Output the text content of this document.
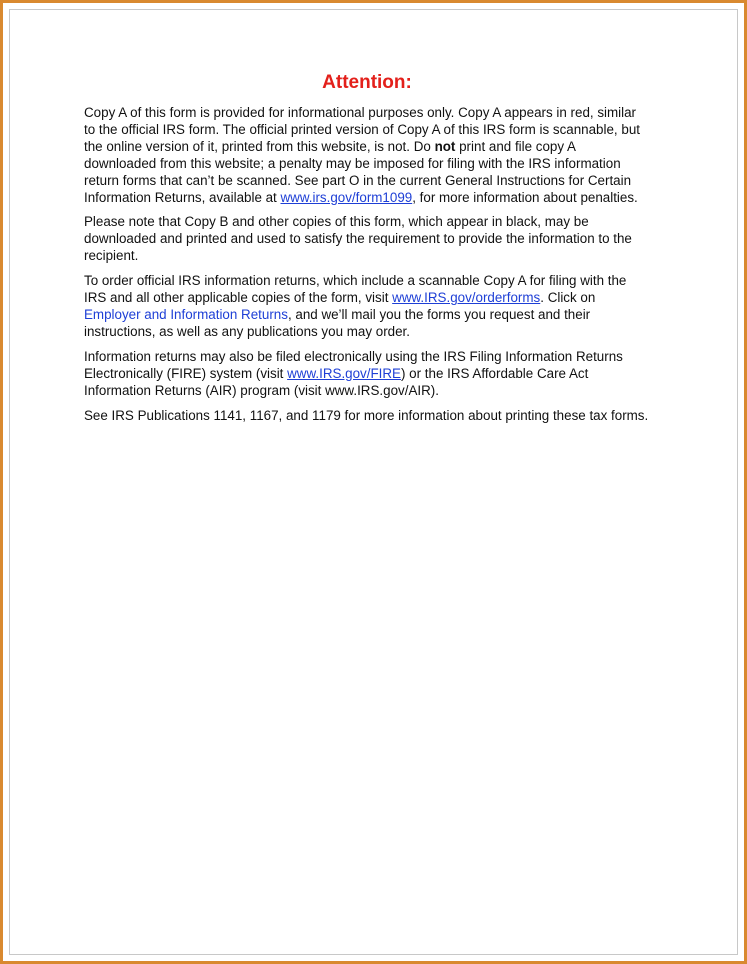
Attention:

Copy A of this form is provided for informational purposes only. Copy A appears in red, similar to the official IRS form. The official printed version of Copy A of this IRS form is scannable, but the online version of it, printed from this website, is not. Do not print and file copy A downloaded from this website; a penalty may be imposed for filing with the IRS information return forms that can’t be scanned. See part O in the current General Instructions for Certain Information Returns, available at www.irs.gov/form1099, for more information about penalties.

Please note that Copy B and other copies of this form, which appear in black, may be downloaded and printed and used to satisfy the requirement to provide the information to the recipient.

To order official IRS information returns, which include a scannable Copy A for filing with the IRS and all other applicable copies of the form, visit www.IRS.gov/orderforms. Click on Employer and Information Returns, and we’ll mail you the forms you request and their instructions, as well as any publications you may order.

Information returns may also be filed electronically using the IRS Filing Information Returns Electronically (FIRE) system (visit www.IRS.gov/FIRE) or the IRS Affordable Care Act Information Returns (AIR) program (visit www.IRS.gov/AIR).

See IRS Publications 1141, 1167, and 1179 for more information about printing these tax forms.
